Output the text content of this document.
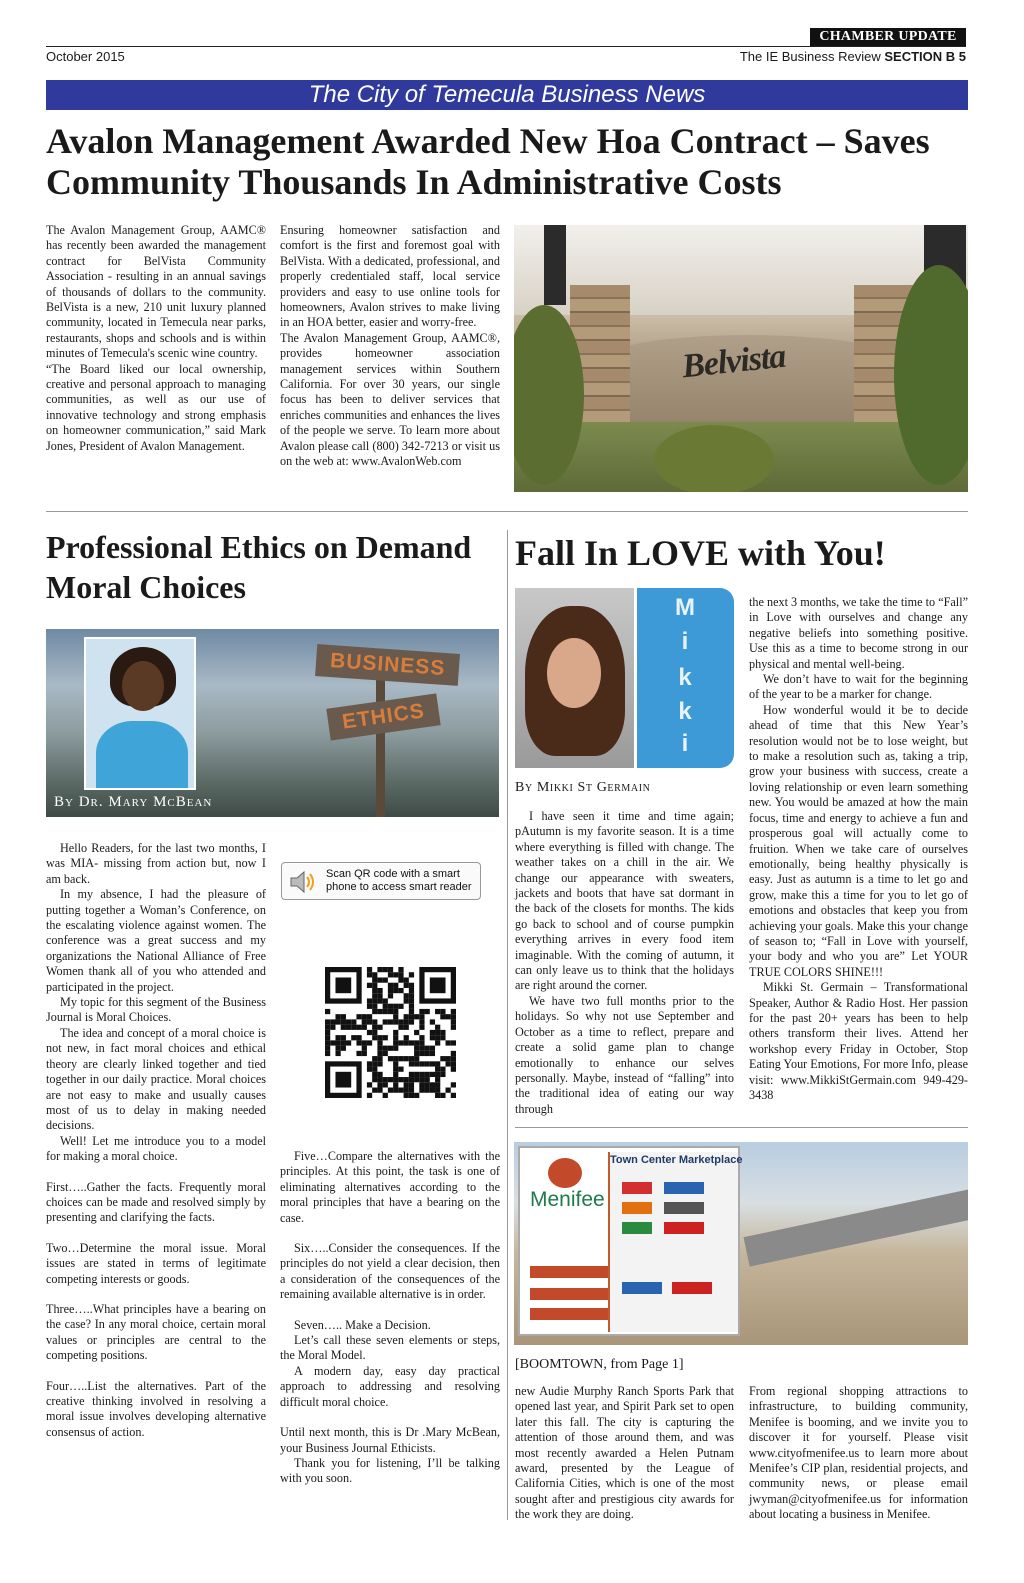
CHAMBER UPDATE
October 2015	The IE Business Review SECTION B 5
The City of Temecula Business News
Avalon Management Awarded New Hoa Contract – Saves Community Thousands In Administrative Costs

The Avalon Management Group, AAMC® has recently been awarded the management contract for BelVista Community Association - resulting in an annual savings of thousands of dollars to the community. BelVista is a new, 210 unit luxury planned community, located in Temecula near parks, restaurants, shops and schools and is within minutes of Temecula's scenic wine country.

“The Board liked our local ownership, creative and personal approach to managing communities, as well as our use of innovative technology and strong emphasis on homeowner communication,” said Mark Jones, President of Avalon Management.

Ensuring homeowner satisfaction and comfort is the first and foremost goal with BelVista. With a dedicated, professional, and properly credentialed staff, local service providers and easy to use online tools for homeowners, Avalon strives to make living in an HOA better, easier and worry-free.

The Avalon Management Group, AAMC®, provides homeowner association management services within Southern California. For over 30 years, our single focus has been to deliver services that enriches communities and enhances the lives of the people we serve. To learn more about Avalon please call (800) 342-7213 or visit us on the web at: www.AvalonWeb.com

Belvista
Professional Ethics on Demand Moral Choices
BUSINESS
ETHICS
By Dr. Mary McBean

Hello Readers, for the last two months, I was MIA- missing from action but, now I am back.

In my absence, I had the pleasure of putting together a Woman’s Conference, on the escalating violence against women. The conference was a great success and my organizations the National Alliance of Free Women thank all of you who attended and participated in the project.

My topic for this segment of the Business Journal is Moral Choices.

The idea and concept of a moral choice is not new, in fact moral choices and ethical theory are clearly linked together and tied together in our daily practice. Moral choices are not easy to make and usually causes most of us to delay in making needed decisions.

Well! Let me introduce you to a model for making a moral choice.

First…..Gather the facts. Frequently moral choices can be made and resolved simply by presenting and clarifying the facts.

Two…Determine the moral issue. Moral issues are stated in terms of legitimate competing interests or goods.

Three…..What principles have a bearing on the case? In any moral choice, certain moral values or principles are central to the competing positions.

Four…..List the alternatives. Part of the creative thinking involved in resolving a moral issue involves developing alternative consensus of action.

Scan QR code with a smart phone to access smart reader

Five…Compare the alternatives with the principles. At this point, the task is one of eliminating alternatives according to the moral principles that have a bearing on the case.

Six…..Consider the consequences. If the principles do not yield a clear decision, then a consideration of the consequences of the remaining available alternative is in order.

Seven….. Make a Decision.

Let’s call these seven elements or steps, the Moral Model.

A modern day, easy day practical approach to addressing and resolving difficult moral choice.

Until next month, this is Dr .Mary McBean, your Business Journal Ethicists.

Thank you for listening, I’ll be talking with you soon.

Fall In LOVE with You!
M
i
k
k
i
By Mikki St Germain

I have seen it time and time again; pAutumn is my favorite season. It is a time where everything is filled with change. The weather takes on a chill in the air. We change our appearance with sweaters, jackets and boots that have sat dormant in the back of the closets for months. The kids go back to school and of course pumpkin everything arrives in every food item imaginable. With the coming of autumn, it can only leave us to think that the holidays are right around the corner.

We have two full months prior to the holidays. So why not use September and October as a time to reflect, prepare and create a solid game plan to change emotionally to enhance our selves personally. Maybe, instead of “falling” into the traditional idea of eating our way through

the next 3 months, we take the time to “Fall” in Love with ourselves and change any negative beliefs into something positive. Use this as a time to become strong in our physical and mental well-being.

We don’t have to wait for the beginning of the year to be a marker for change.

How wonderful would it be to decide ahead of time that this New Year’s resolution would not be to lose weight, but to make a resolution such as, taking a trip, grow your business with success, create a loving relationship or even learn something new. You would be amazed at how the main focus, time and energy to achieve a fun and prosperous goal will actually come to fruition. When we take care of ourselves emotionally, being healthy physically is easy. Just as autumn is a time to let go and grow, make this a time for you to let go of emotions and obstacles that keep you from achieving your goals. Make this your change of season to; “Fall in Love with yourself, your body and who you are” Let YOUR TRUE COLORS SHINE!!!

Mikki St. Germain – Transformational Speaker, Author & Radio Host. Her passion for the past 20+ years has been to help others transform their lives. Attend her workshop every Friday in October, Stop Eating Your Emotions, For more Info, please visit: www.MikkiStGermain.com 949-429-3438

Menifee
Town Center Marketplace
[BOOMTOWN, from Page 1]

new Audie Murphy Ranch Sports Park that opened last year, and Spirit Park set to open later this fall. The city is capturing the attention of those around them, and was most recently awarded a Helen Putnam award, presented by the League of California Cities, which is one of the most sought after and prestigious city awards for the work they are doing.

From regional shopping attractions to infrastructure, to building community, Menifee is booming, and we invite you to discover it for yourself. Please visit www.cityofmenifee.us to learn more about Menifee’s CIP plan, residential projects, and community news, or please email jwyman@cityofmenifee.us for information about locating a business in Menifee.
